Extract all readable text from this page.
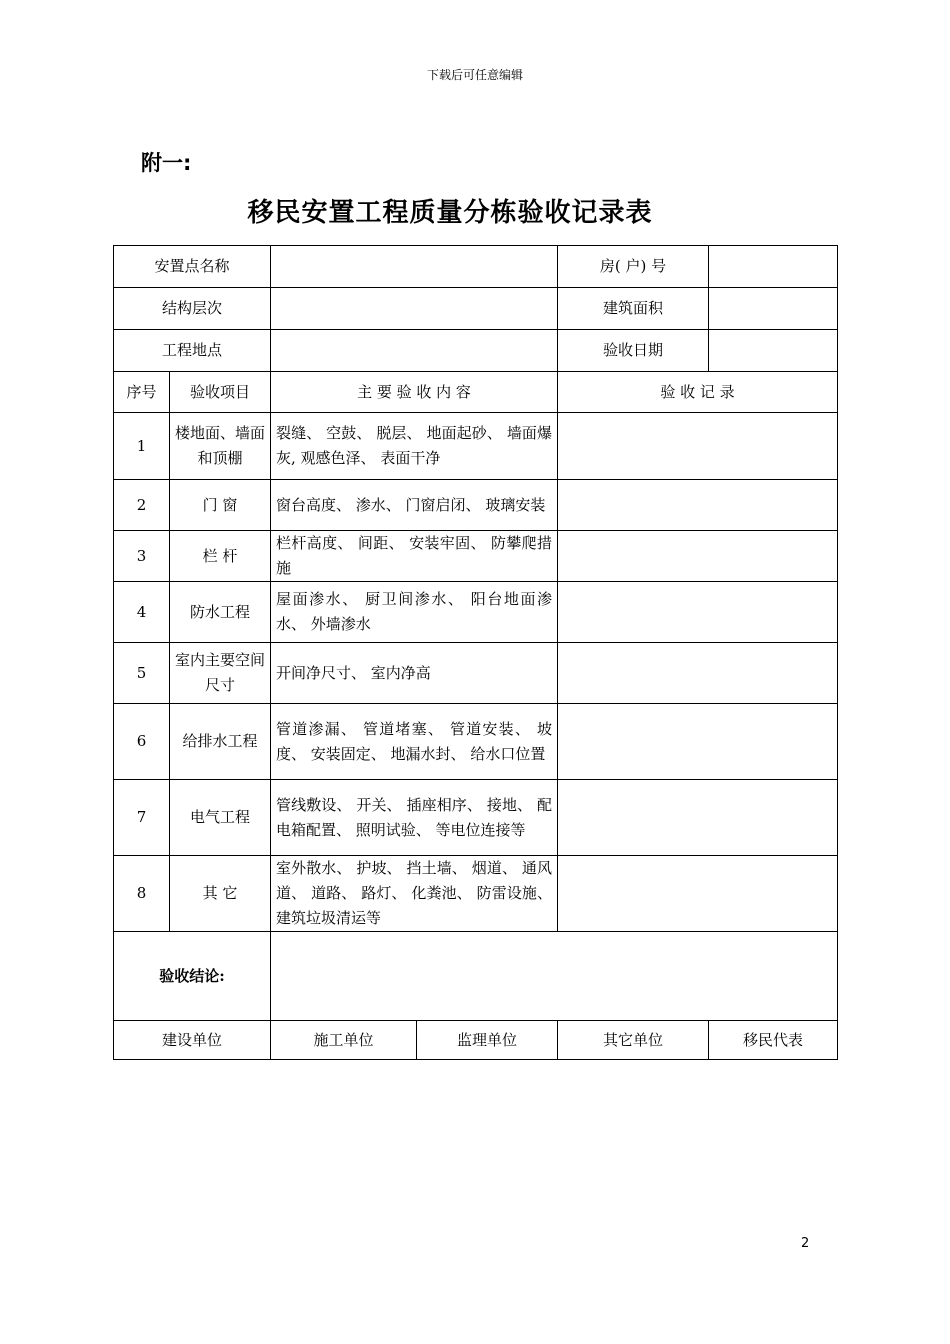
下载后可任意编辑
附一:
移民安置工程质量分栋验收记录表
安置点名称				房( 户) 号	
结构层次				建筑面积	
工程地点				验收日期	
序号	验收项目	主 要 验 收 内 容		验 收 记 录	
1	楼地面、墙面和顶棚	裂缝、 空鼓、 脱层、 地面起砂、 墙面爆灰, 观感色泽、 表面干净			
2	门 窗	窗台高度、 渗水、 门窗启闭、 玻璃安装			
3	栏 杆	栏杆高度、 间距、 安装牢固、 防攀爬措施			
4	防水工程	屋面渗水、 厨卫间渗水、 阳台地面渗水、 外墙渗水			
5	室内主要空间尺寸	开间净尺寸、 室内净高			
6	给排水工程	管道渗漏、 管道堵塞、 管道安装、 坡度、 安装固定、 地漏水封、 给水口位置			
7	电气工程	管线敷设、 开关、 插座相序、 接地、 配电箱配置、 照明试验、 等电位连接等			
8	其 它	室外散水、 护坡、 挡土墙、 烟道、 通风道、 道路、 路灯、 化粪池、 防雷设施、 建筑垃圾清运等			
验收结论:					
建设单位		施工单位	监理单位	其它单位	移民代表
2
